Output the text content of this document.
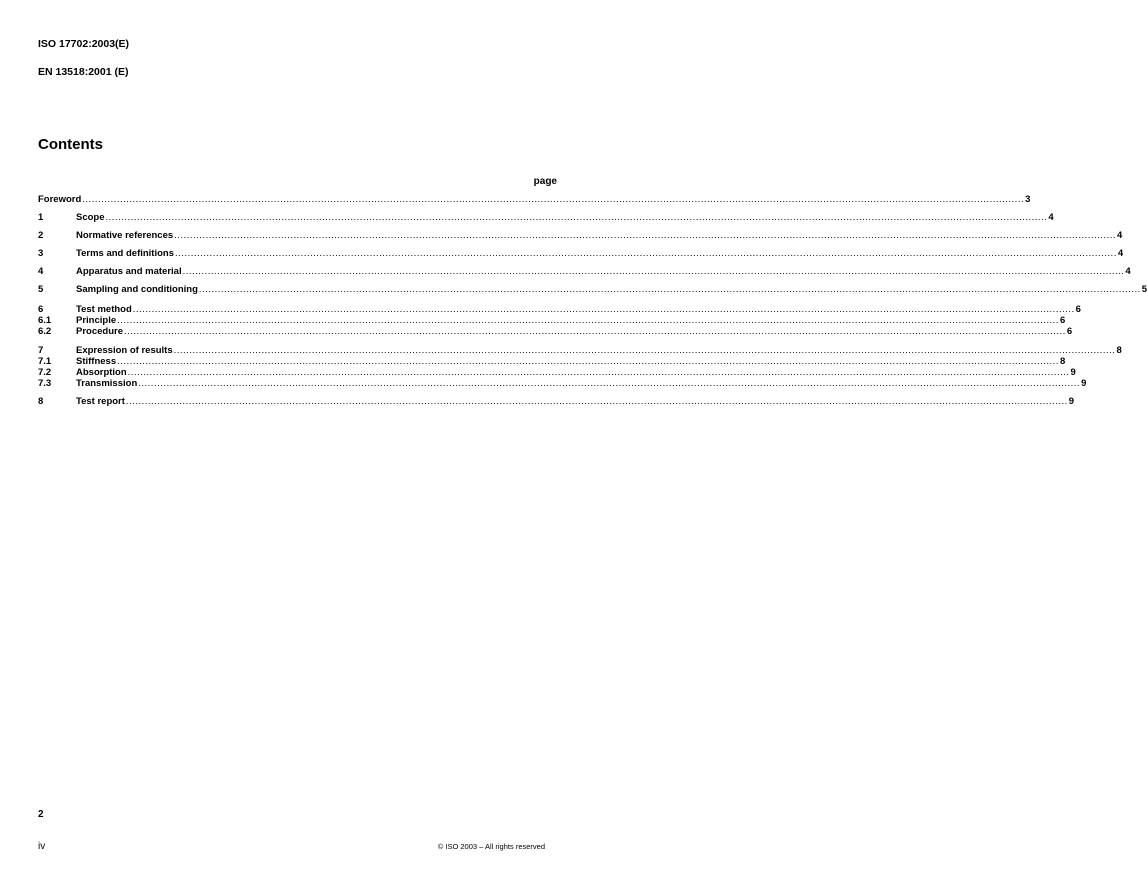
ISO 17702:2003(E)
EN 13518:2001 (E)
Contents
page
Foreword ............................................................................................................................................................................................................................................................................................................ 3
1	Scope ............................................................................................................................................................................................................................................................................................................ 4
2	Normative references ............................................................................................................................................................................................................................................................................................................ 4
3	Terms and definitions ............................................................................................................................................................................................................................................................................................................ 4
4	Apparatus and material ............................................................................................................................................................................................................................................................................................................ 4
5	Sampling and conditioning ............................................................................................................................................................................................................................................................................................................ 5
6	Test method ............................................................................................................................................................................................................................................................................................................ 6
6.1	Principle ............................................................................................................................................................................................................................................................................................................ 6
6.2	Procedure ............................................................................................................................................................................................................................................................................................................ 6
7	Expression of results ............................................................................................................................................................................................................................................................................................................ 8
7.1	Stiffness ............................................................................................................................................................................................................................................................................................................ 8
7.2	Absorption ............................................................................................................................................................................................................................................................................................................ 9
7.3	Transmission ............................................................................................................................................................................................................................................................................................................ 9
8	Test report ............................................................................................................................................................................................................................................................................................................ 9
2
iv	© ISO 2003 – All rights reserved
